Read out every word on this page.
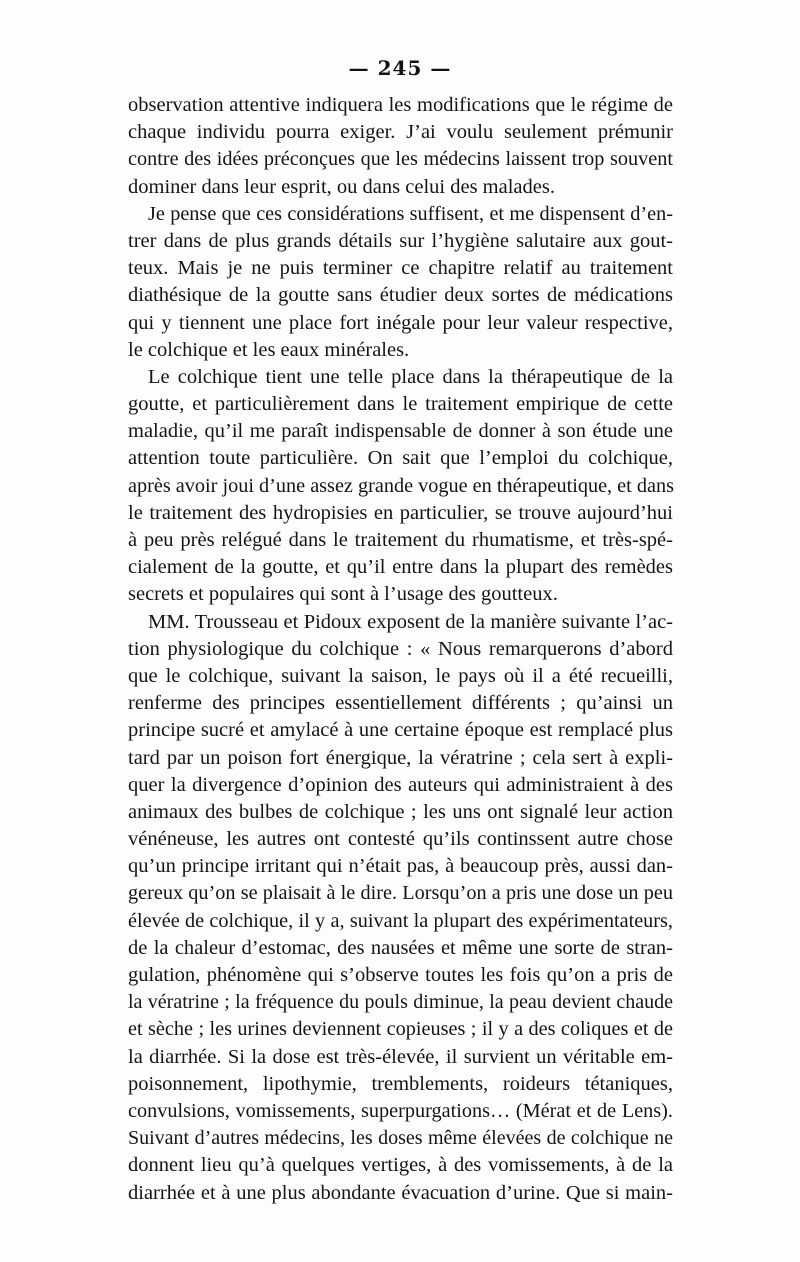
— 245 —
observation attentive indiquera les modifications que le régime de
chaque individu pourra exiger. J’ai voulu seulement prémunir
contre des idées préconçues que les médecins laissent trop souvent
dominer dans leur esprit, ou dans celui des malades.
Je pense que ces considérations suffisent, et me dispensent d’en-
trer dans de plus grands détails sur l’hygiène salutaire aux gout-
teux. Mais je ne puis terminer ce chapitre relatif au traitement
diathésique de la goutte sans étudier deux sortes de médications
qui y tiennent une place fort inégale pour leur valeur respective,
le colchique et les eaux minérales.
Le colchique tient une telle place dans la thérapeutique de la
goutte, et particulièrement dans le traitement empirique de cette
maladie, qu’il me paraît indispensable de donner à son étude une
attention toute particulière. On sait que l’emploi du colchique,
après avoir joui d’une assez grande vogue en thérapeutique, et dans
le traitement des hydropisies en particulier, se trouve aujourd’hui
à peu près relégué dans le traitement du rhumatisme, et très-spé-
cialement de la goutte, et qu’il entre dans la plupart des remèdes
secrets et populaires qui sont à l’usage des goutteux.
MM. Trousseau et Pidoux exposent de la manière suivante l’ac-
tion physiologique du colchique : « Nous remarquerons d’abord
que le colchique, suivant la saison, le pays où il a été recueilli,
renferme des principes essentiellement différents ; qu’ainsi un
principe sucré et amylacé à une certaine époque est remplacé plus
tard par un poison fort énergique, la vératrine ; cela sert à expli-
quer la divergence d’opinion des auteurs qui administraient à des
animaux des bulbes de colchique ; les uns ont signalé leur action
vénéneuse, les autres ont contesté qu’ils continssent autre chose
qu’un principe irritant qui n’était pas, à beaucoup près, aussi dan-
gereux qu’on se plaisait à le dire. Lorsqu’on a pris une dose un peu
élevée de colchique, il y a, suivant la plupart des expérimentateurs,
de la chaleur d’estomac, des nausées et même une sorte de stran-
gulation, phénomène qui s’observe toutes les fois qu’on a pris de
la vératrine ; la fréquence du pouls diminue, la peau devient chaude
et sèche ; les urines deviennent copieuses ; il y a des coliques et de
la diarrhée. Si la dose est très-élevée, il survient un véritable em-
poisonnement, lipothymie, tremblements, roideurs tétaniques,
convulsions, vomissements, superpurgations… (Mérat et de Lens).
Suivant d’autres médecins, les doses même élevées de colchique ne
donnent lieu qu’à quelques vertiges, à des vomissements, à de la
diarrhée et à une plus abondante évacuation d’urine. Que si main-
